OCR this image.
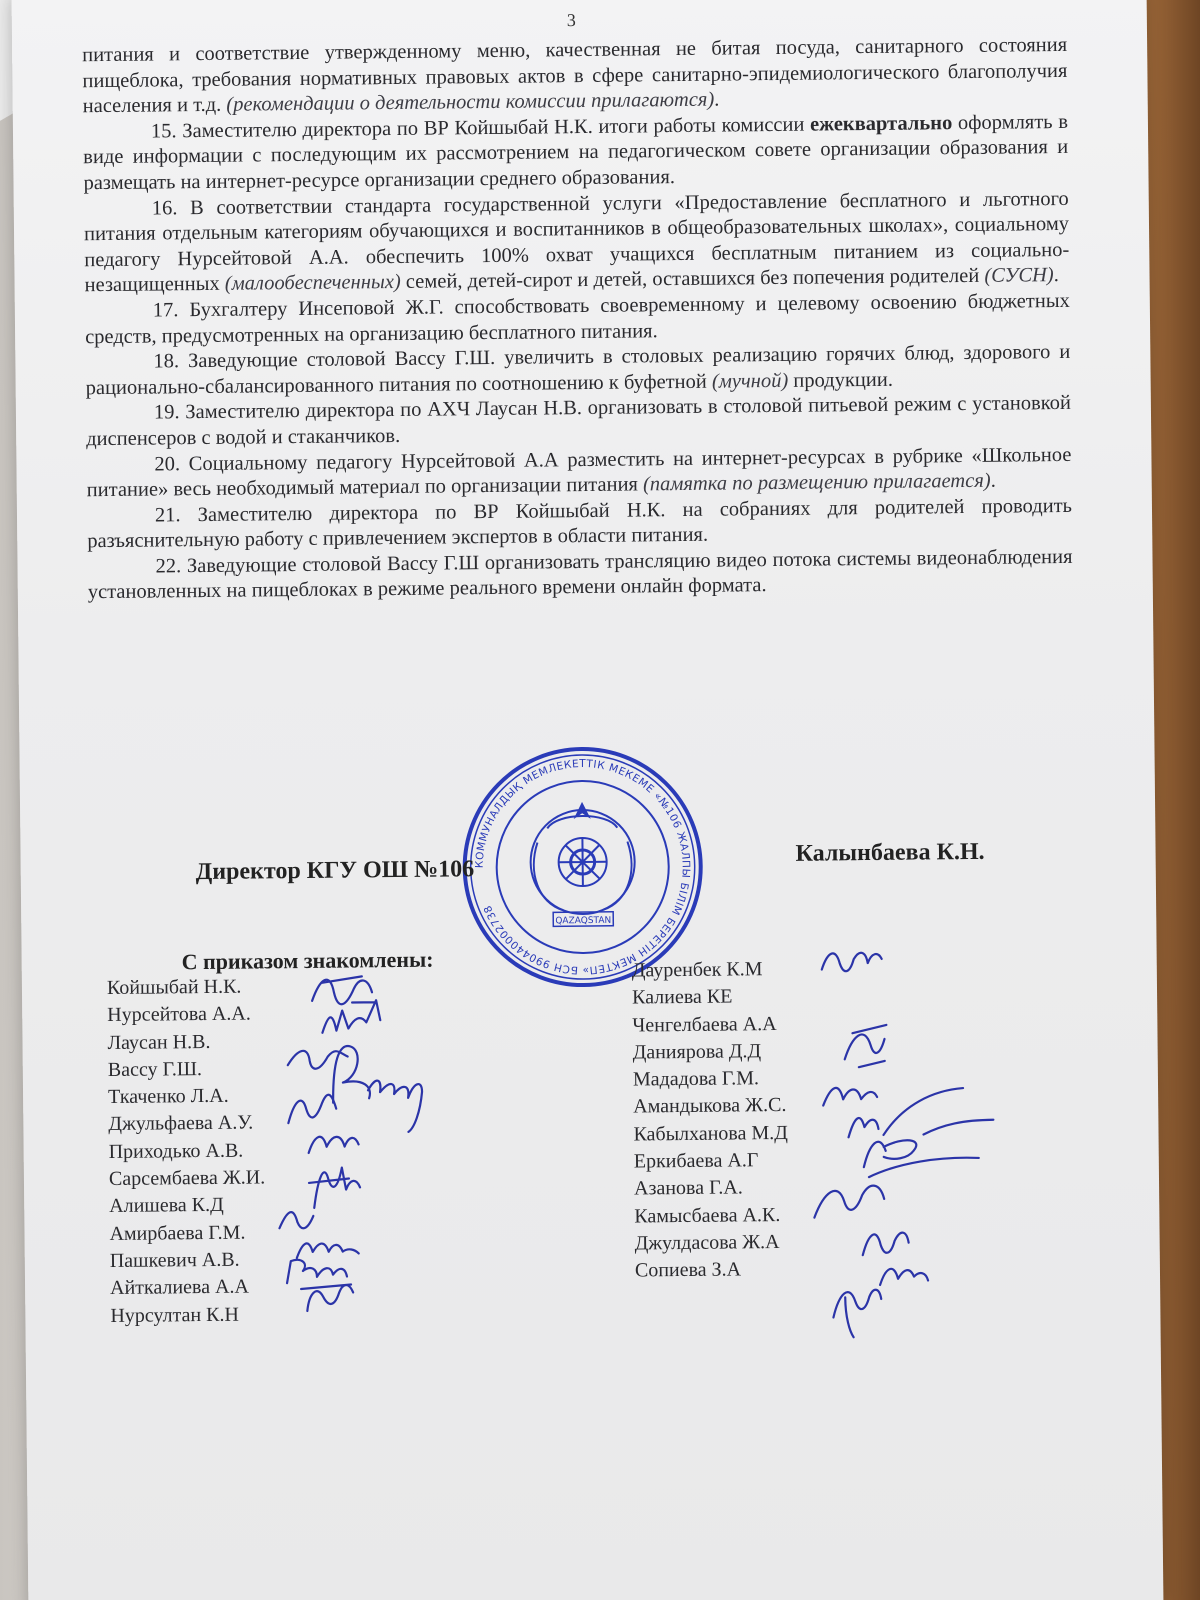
3

питания и соответствие утвержденному меню, качественная не битая посуда, санитарного состояния пищеблока, требования нормативных правовых актов в сфере санитарно-эпидемиологического благополучия населения и т.д. (рекомендации о деятельности комиссии прилагаются).

15. Заместителю директора по ВР Койшыбай Н.К. итоги работы комиссии ежеквартально оформлять в виде информации с последующим их рассмотрением на педагогическом совете организации образования и размещать на интернет-ресурсе организации среднего образования.

16. В соответствии стандарта государственной услуги «Предоставление бесплатного и льготного питания отдельным категориям обучающихся и воспитанников в общеобразовательных школах», социальному педагогу Нурсейтовой А.А. обеспечить 100% охват учащихся бесплатным питанием из социально-незащищенных (малообеспеченных) семей, детей-сирот и детей, оставшихся без попечения родителей (СУСН).

17. Бухгалтеру Инсеповой Ж.Г. способствовать своевременному и целевому освоению бюджетных средств, предусмотренных на организацию бесплатного питания.

18. Заведующие столовой Вассу Г.Ш. увеличить в столовых реализацию горячих блюд, здорового и рационально-сбалансированного питания по соотношению к буфетной (мучной) продукции.

19. Заместителю директора по АХЧ Лаусан Н.В. организовать в столовой питьевой режим с установкой диспенсеров с водой и стаканчиков.

20. Социальному педагогу Нурсейтовой А.А разместить на интернет-ресурсах в рубрике «Школьное питание» весь необходимый материал по организации питания (памятка по размещению прилагается).

21. Заместителю директора по ВР Койшыбай Н.К. на собраниях для родителей проводить разъяснительную работу с привлечением экспертов в области питания.

22. Заведующие столовой Вассу Г.Ш организовать трансляцию видео потока системы видеонаблюдения установленных на пищеблоках в режиме реального времени онлайн формата.

КОММУНАЛДЫҚ МЕМЛЕКЕТТІК МЕКЕМЕ «№106 ЖАЛПЫ БІЛІМ БЕРЕТІН МЕКТЕП» БСН 990440002738
QAZAQSTAN
Директор КГУ ОШ №106
Калынбаева К.Н.
С приказом знакомлены:
Койшыбай Н.К.
Нурсейтова А.А.
Лаусан Н.В.
Вассу Г.Ш.
Ткаченко Л.А.
Джульфаева А.У.
Приходько А.В.
Сарсембаева Ж.И.
Алишева К.Д
Амирбаева Г.М.
Пашкевич А.В.
Айткалиева А.А
Нурсултан К.Н
Дауренбек К.М
Калиева КЕ
Ченгелбаева А.А
Даниярова Д.Д
Мададова Г.М.
Амандыкова Ж.С.
Кабылханова М.Д
Еркибаева А.Г
Азанова Г.А.
Камысбаева А.К.
Джулдасова Ж.А
Сопиева З.А
